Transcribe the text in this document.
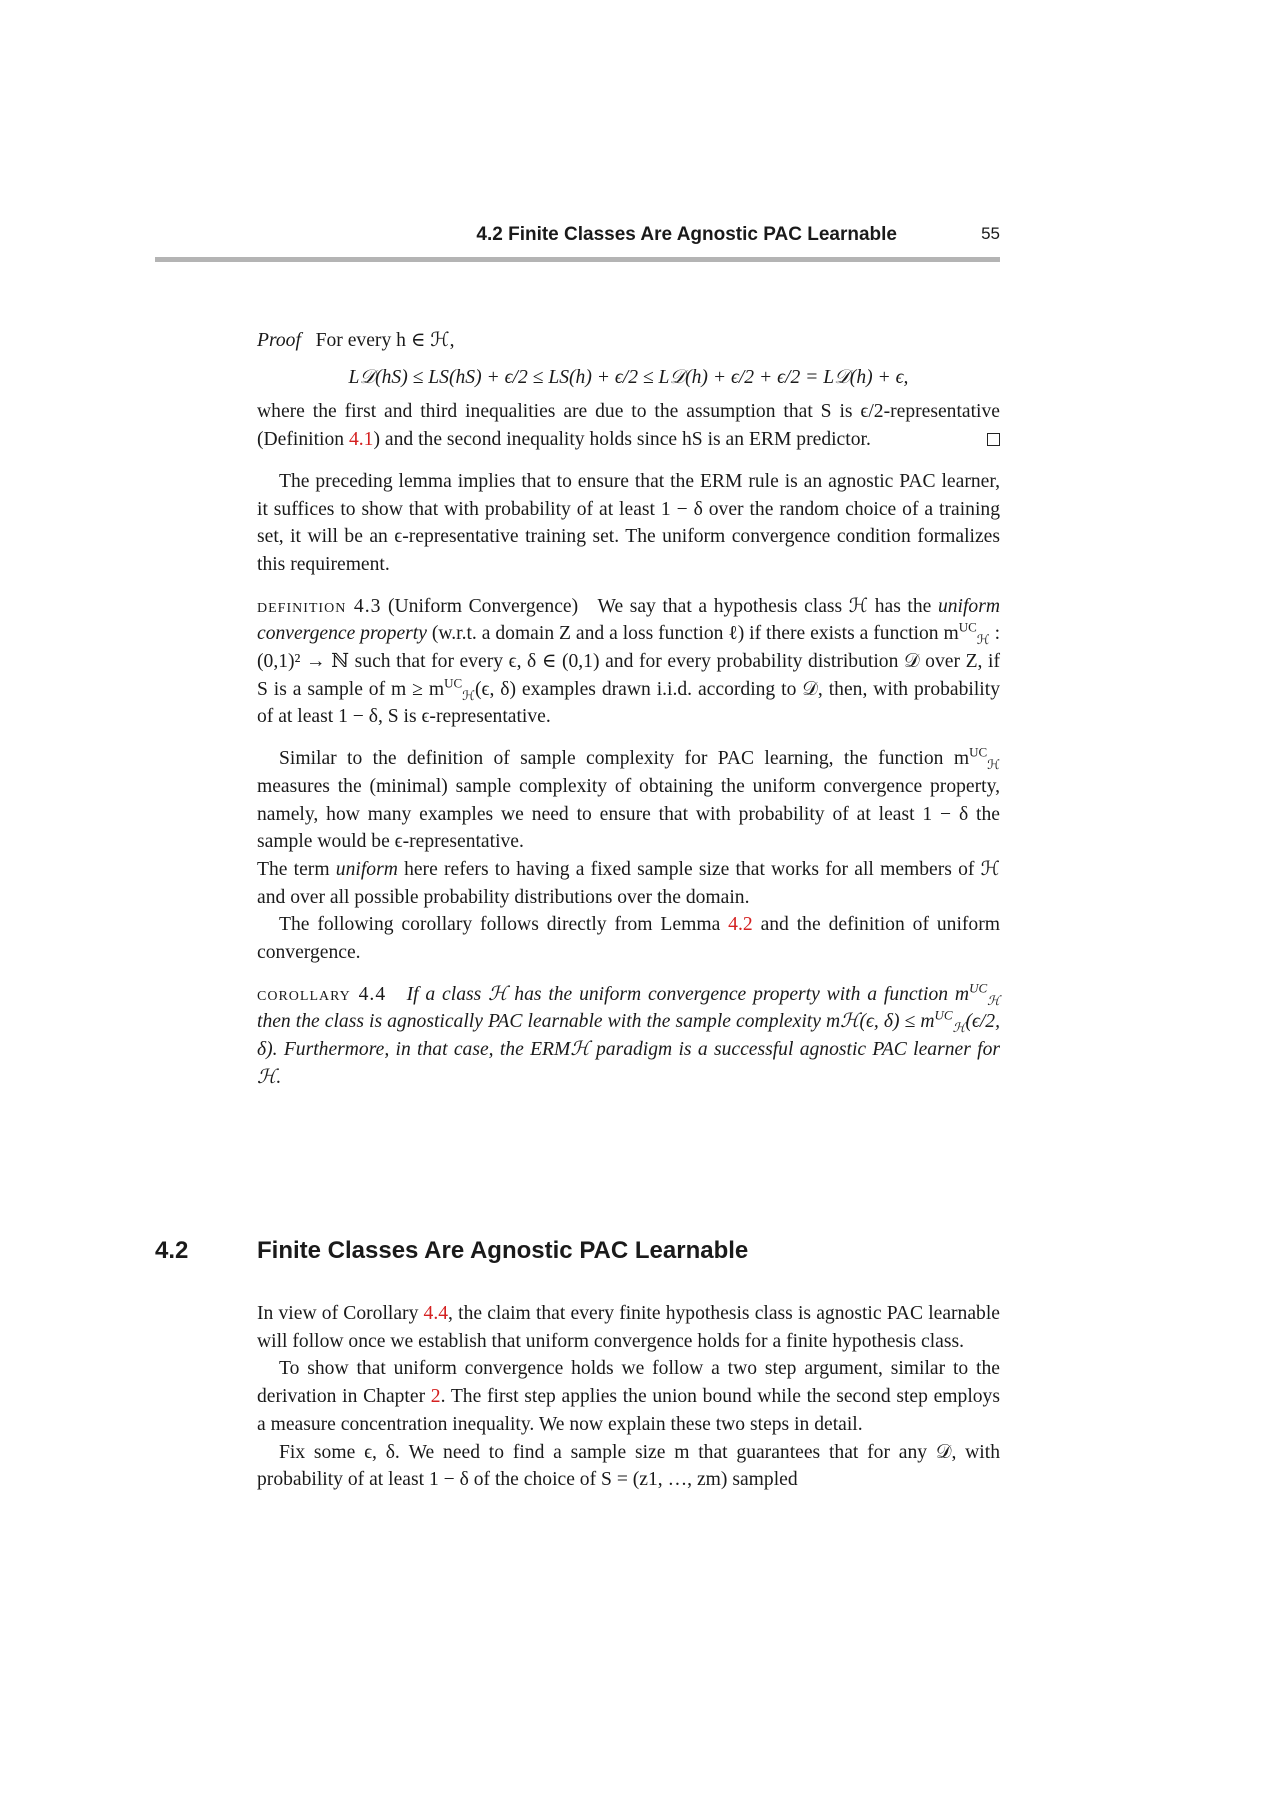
4.2 Finite Classes Are Agnostic PAC Learnable	55

Proof For every h ∈ ℋ,

L𝒟(hS) ≤ LS(hS) + ϵ/2 ≤ LS(h) + ϵ/2 ≤ L𝒟(h) + ϵ/2 + ϵ/2 = L𝒟(h) + ϵ,

where the first and third inequalities are due to the assumption that S is ϵ/2-representative (Definition 4.1) and the second inequality holds since hS is an ERM predictor.

The preceding lemma implies that to ensure that the ERM rule is an agnostic PAC learner, it suffices to show that with probability of at least 1 − δ over the random choice of a training set, it will be an ϵ-representative training set. The uniform convergence condition formalizes this requirement.

definition 4.3 (Uniform Convergence) We say that a hypothesis class ℋ has the uniform convergence property (w.r.t. a domain Z and a loss function ℓ) if there exists a function $m^{UC}_ℋ$ : (0,1)² → ℕ such that for every ϵ, δ ∈ (0,1) and for every probability distribution 𝒟 over Z, if S is a sample of $m \ge m^{UC}_ℋ(\epsilon$, δ) examples drawn i.i.d. according to 𝒟, then, with probability of at least 1 − δ, S is ϵ-representative.

Similar to the definition of sample complexity for PAC learning, the function $m^{UC}_ℋ$ measures the (minimal) sample complexity of obtaining the uniform convergence property, namely, how many examples we need to ensure that with probability of at least 1 − δ the sample would be ϵ-representative.

The term uniform here refers to having a fixed sample size that works for all members of ℋ and over all possible probability distributions over the domain.

The following corollary follows directly from Lemma 4.2 and the definition of uniform convergence.

corollary 4.4 If a class ℋ has the uniform convergence property with a function $m^{UC}_ℋ$ then the class is agnostically PAC learnable with the sample complexity mℋ(ϵ, $\delta) \le m^{UC}_ℋ(\epsilon/2$, δ). Furthermore, in that case, the ERMℋ paradigm is a successful agnostic PAC learner for ℋ.

4.2	Finite Classes Are Agnostic PAC Learnable

In view of Corollary 4.4, the claim that every finite hypothesis class is agnostic PAC learnable will follow once we establish that uniform convergence holds for a finite hypothesis class.

To show that uniform convergence holds we follow a two step argument, similar to the derivation in Chapter 2. The first step applies the union bound while the second step employs a measure concentration inequality. We now explain these two steps in detail.

Fix some ϵ, δ. We need to find a sample size m that guarantees that for any 𝒟, with probability of at least 1 − δ of the choice of S = (z1, …, zm) sampled
